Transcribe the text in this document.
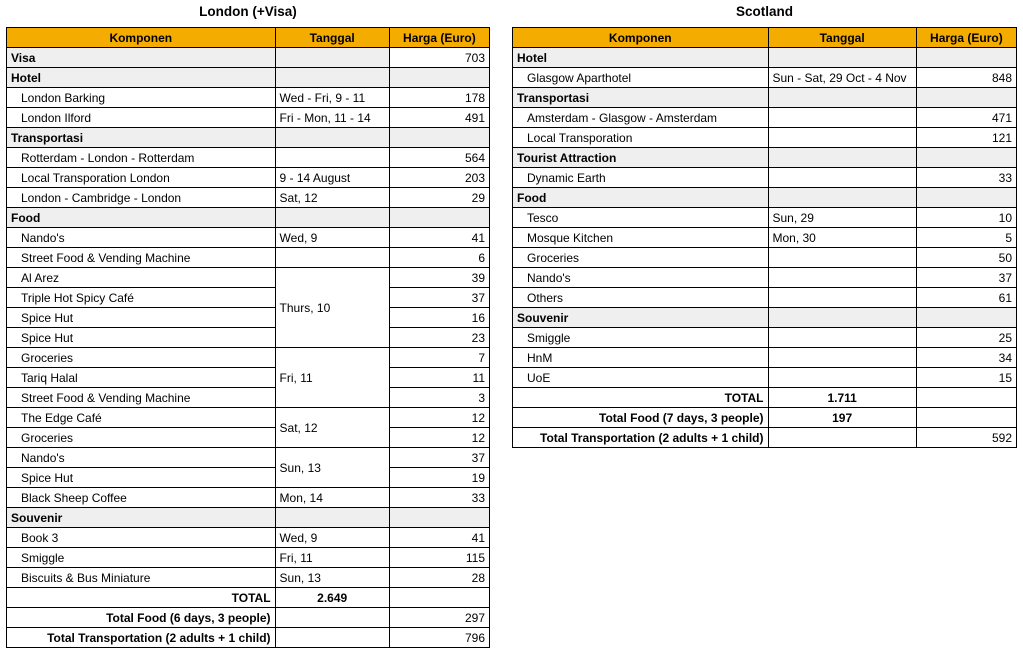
London (+Visa)
Komponen	Tanggal	Harga (Euro)
Visa		703
Hotel		
London Barking	Wed - Fri, 9 - 11	178
London Ilford	Fri - Mon, 11 - 14	491
Transportasi		
Rotterdam - London - Rotterdam		564
Local Transporation London	9 - 14 August	203
London - Cambridge - London	Sat, 12	29
Food		
Nando's	Wed, 9	41
Street Food & Vending Machine		6
Al Arez	Thurs, 10	39
Triple Hot Spicy Café		37
Spice Hut		16
Spice Hut		23
Groceries	Fri, 11	7
Tariq Halal		11
Street Food & Vending Machine		3
The Edge Café	Sat, 12	12
Groceries		12
Nando's	Sun, 13	37
Spice Hut		19
Black Sheep Coffee	Mon, 14	33
Souvenir		
Book 3	Wed, 9	41
Smiggle	Fri, 11	115
Biscuits & Bus Miniature	Sun, 13	28
TOTAL	2.649	
Total Food (6 days, 3 people)		297
Total Transportation (2 adults + 1 child)		796
Scotland
Komponen	Tanggal	Harga (Euro)
Hotel		
Glasgow Aparthotel	Sun - Sat, 29 Oct - 4 Nov	848
Transportasi		
Amsterdam - Glasgow - Amsterdam		471
Local Transporation		121
Tourist Attraction		
Dynamic Earth		33
Food		
Tesco	Sun, 29	10
Mosque Kitchen	Mon, 30	5
Groceries		50
Nando's		37
Others		61
Souvenir		
Smiggle		25
HnM		34
UoE		15
TOTAL	1.711	
Total Food (7 days, 3 people)	197	
Total Transportation (2 adults + 1 child)		592
